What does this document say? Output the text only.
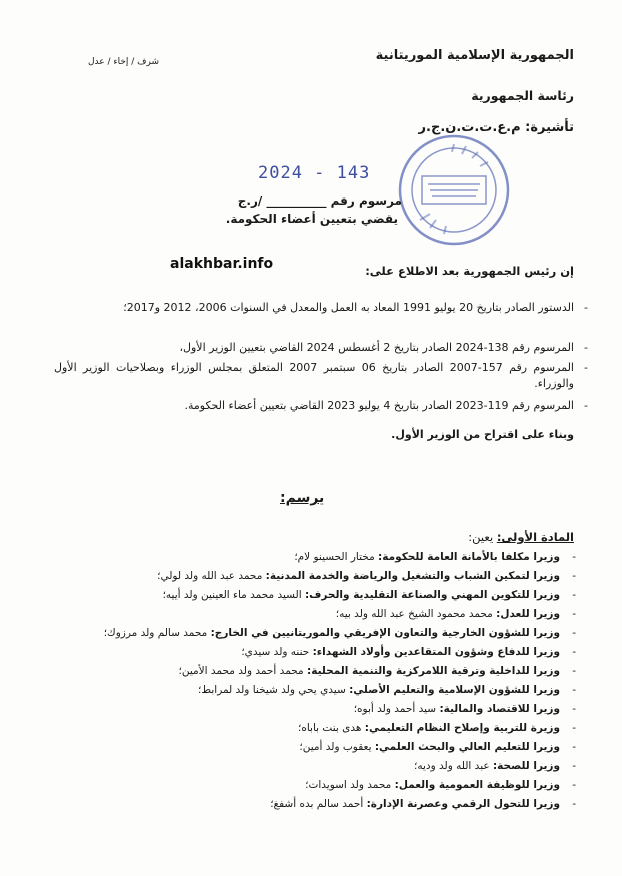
شرف / إخاء / عدل	الجمهورية الإسلامية الموريتانية
رئاسة الجمهورية
تأشيرة: م.ع.ت.ت.ن.ج.ر
2024 - 143
مرسوم رقم __________ /ر.ج
يقضي بتعيين أعضاء الحكومة.
alakhbar.info	إن رئيس الجمهورية بعد الاطلاع على:
-
الدستور الصادر بتاريخ 20 يوليو 1991 المعاد به العمل والمعدل في السنوات 2006، 2012 و2017؛
-
المرسوم رقم 138-2024 الصادر بتاريخ 2 أغسطس 2024 القاضي بتعيين الوزير الأول،
-
المرسوم رقم 157-2007 الصادر بتاريخ 06 سبتمبر 2007 المتعلق بمجلس الوزراء وبصلاحيات الوزير الأول والوزراء.
-
المرسوم رقم 119-2023 الصادر بتاريخ 4 يوليو 2023 القاضي بتعيين أعضاء الحكومة.
وبناء على اقتراح من الوزير الأول.
يرسم:
المادة الأولى: يعين:
-
وزيرا مكلفا بالأمانة العامة للحكومة: مختار الحسينو لام؛
-
وزيرا لتمكين الشباب والتشغيل والرياضة والخدمة المدنية: محمد عبد الله ولد لولي؛
-
وزيرا للتكوين المهني والصناعة التقليدية والحرف: السيد محمد ماء العينين ولد أييه؛
-
وزيرا للعدل: محمد محمود الشيخ عبد الله ولد بيه؛
-
وزيرا للشؤون الخارجية والتعاون الإفريقي والموريتانيين في الخارج: محمد سالم ولد مرزوك؛
-
وزيرا للدفاع وشؤون المتقاعدين وأولاد الشهداء: حننه ولد سيدي؛
-
وزيرا للداخلية وترقية اللامركزية والتنمية المحلية: محمد أحمد ولد محمد الأمين؛
-
وزيرا للشؤون الإسلامية والتعليم الأصلي: سيدي يحي ولد شيخنا ولد لمرابط؛
-
وزيرا للاقتصاد والمالية: سيد أحمد ولد أبوه؛
-
وزيرة للتربية وإصلاح النظام التعليمي: هدى بنت باباه؛
-
وزيرا للتعليم العالي والبحث العلمي: يعقوب ولد أمين؛
-
وزيرا للصحة: عبد الله ولد وديه؛
-
وزيرا للوظيفة العمومية والعمل: محمد ولد اسويدات؛
-
وزيرا للتحول الرقمي وعصرنة الإدارة: أحمد سالم بده أشفغ؛
